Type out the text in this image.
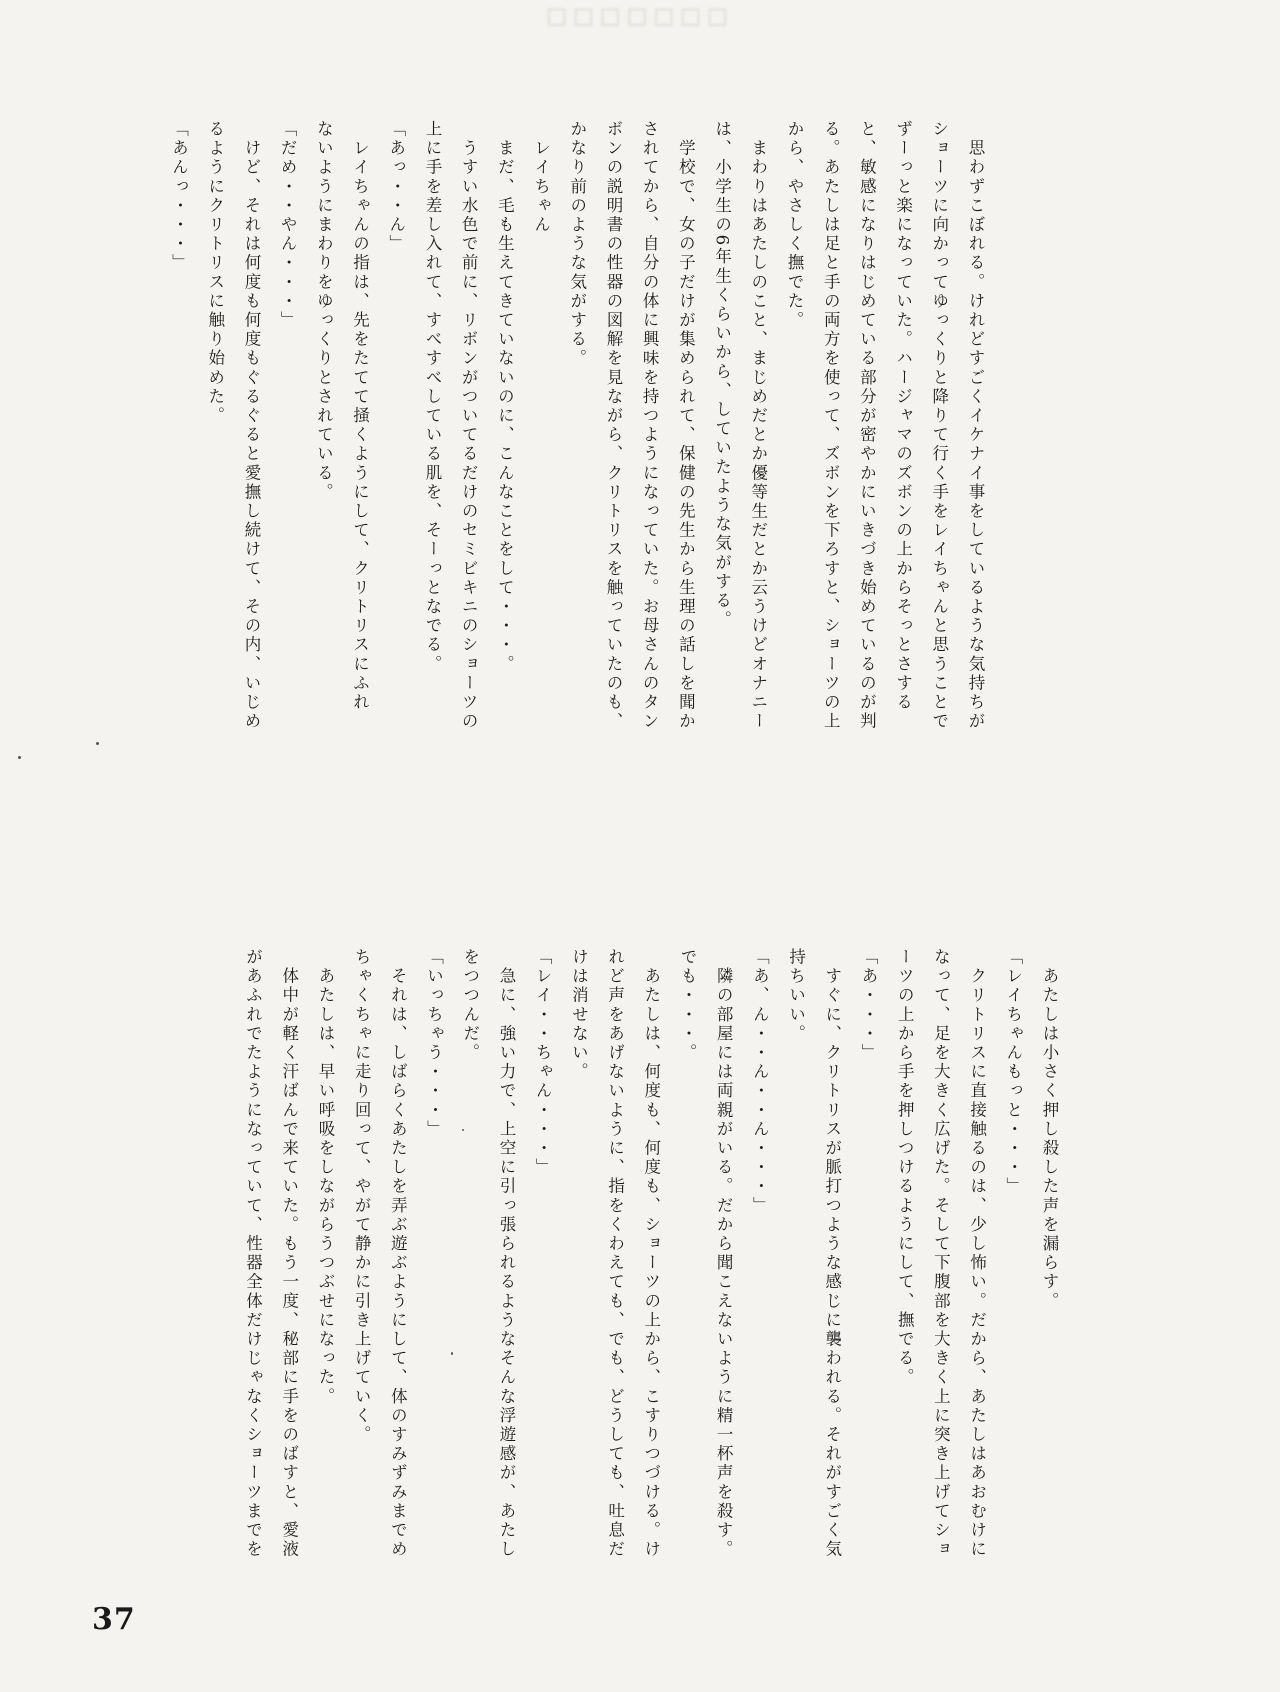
□□□□□□□
　思わずこぼれる。けれどすごくイケナイ事をしているような気持ちが
ショーツに向かってゆっくりと降りて行く手をレイちゃんと思うことで
ずーっと楽になっていた。ハージャマのズボンの上からそっとさする
と、敏感になりはじめている部分が密やかにいきづき始めているのが判
る。あたしは足と手の両方を使って、ズボンを下ろすと、ショーツの上
から、やさしく撫でた。
　まわりはあたしのこと、まじめだとか優等生だとか云うけどオナニー
は、小学生の6年生くらいから、していたような気がする。
　学校で、女の子だけが集められて、保健の先生から生理の話しを聞か
されてから、自分の体に興味を持つようになっていた。お母さんのタン
ボンの説明書の性器の図解を見ながら、クリトリスを触っていたのも、
かなり前のような気がする。
　レイちゃん
　まだ、毛も生えてきていないのに、こんなことをして・・・。
　うすい水色で前に、リボンがついてるだけのセミビキニのショーツの
上に手を差し入れて、すべすべしている肌を、そーっとなでる。
「あっ・・ん」
　レイちゃんの指は、先をたてて掻くようにして、クリトリスにふれ
ないようにまわりをゆっくりとされている。
「だめ・・やん・・・」
　けど、それは何度も何度もぐるぐると愛撫し続けて、その内、いじめ
るようにクリトリスに触り始めた。
「あんっ・・・」
　あたしは小さく押し殺した声を漏らす。
「レイちゃんもっと・・・」
　クリトリスに直接触るのは、少し怖い。だから、あたしはあおむけに
なって、足を大きく広げた。そして下腹部を大きく上に突き上げてショ
ーツの上から手を押しつけるようにして、撫でる。
「あ・・・」
　すぐに、クリトリスが脈打つような感じに襲われる。それがすごく気
持ちいい。
「あ、ん・・ん・・ん・・・」
　隣の部屋には両親がいる。だから聞こえないように精一杯声を殺す。
でも・・・。
　あたしは、何度も、何度も、ショーツの上から、こすりつづける。け
れど声をあげないように、指をくわえても、でも、どうしても、吐息だ
けは消せない。
「レイ・・ちゃん・・・」
　急に、強い力で、上空に引っ張られるようなそんな浮遊感が、あたし
をつつんだ。
「いっちゃう・・・」
　それは、しばらくあたしを弄ぶ遊ぶようにして、体のすみずみまでめ
ちゃくちゃに走り回って、やがて静かに引き上げていく。
　あたしは、早い呼吸をしながらうつぶせになった。
　体中が軽く汗ばんで来ていた。もう一度、秘部に手をのばすと、愛液
があふれでたようになっていて、性器全体だけじゃなくショーツまでを
37
